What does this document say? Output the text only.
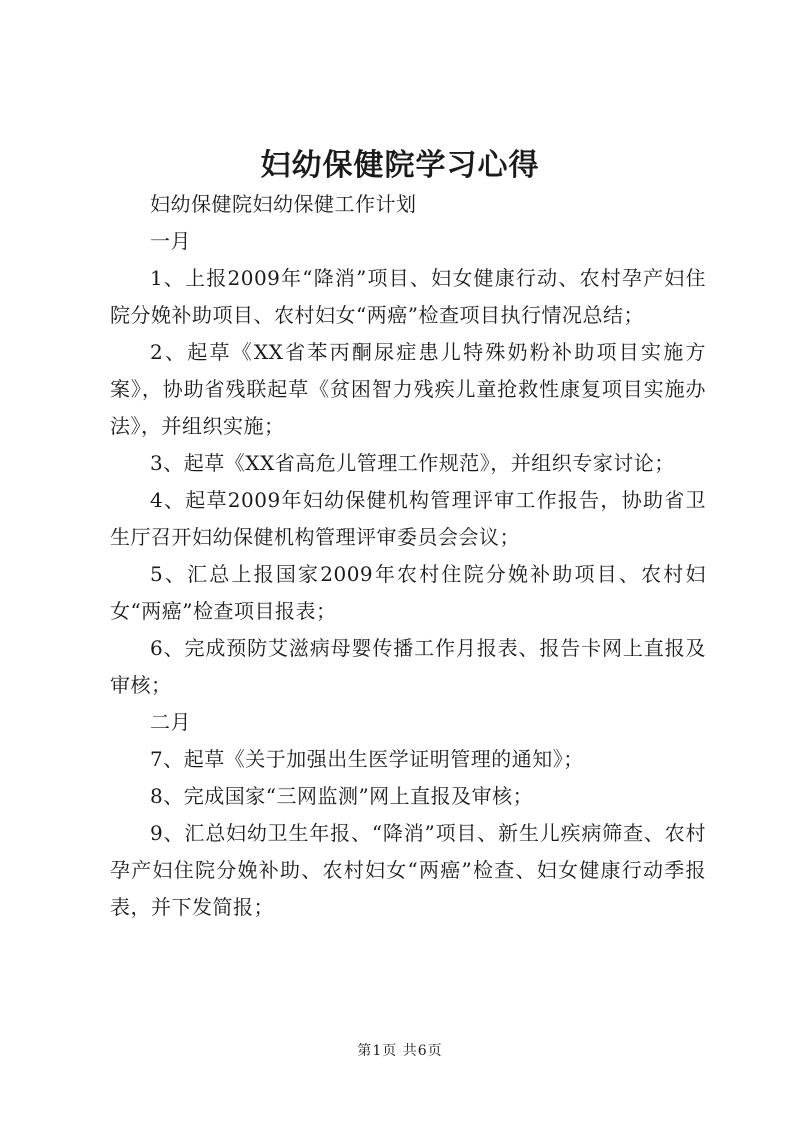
妇幼保健院学习心得

妇幼保健院妇幼保健工作计划

一月

1、上报2009年“降消”项目、妇女健康行动、农村孕产妇住院分娩补助项目、农村妇女“两癌”检查项目执行情况总结；

2、起草《XX省苯丙酮尿症患儿特殊奶粉补助项目实施方案》，协助省残联起草《贫困智力残疾儿童抢救性康复项目实施办法》，并组织实施；

3、起草《XX省高危儿管理工作规范》，并组织专家讨论；

4、起草2009年妇幼保健机构管理评审工作报告，协助省卫生厅召开妇幼保健机构管理评审委员会会议；

5、汇总上报国家2009年农村住院分娩补助项目、农村妇女“两癌”检查项目报表；

6、完成预防艾滋病母婴传播工作月报表、报告卡网上直报及审核；

二月

7、起草《关于加强出生医学证明管理的通知》；

8、完成国家“三网监测”网上直报及审核；

9、汇总妇幼卫生年报、“降消”项目、新生儿疾病筛查、农村孕产妇住院分娩补助、农村妇女“两癌”检查、妇女健康行动季报表，并下发简报；

第1页 共6页
